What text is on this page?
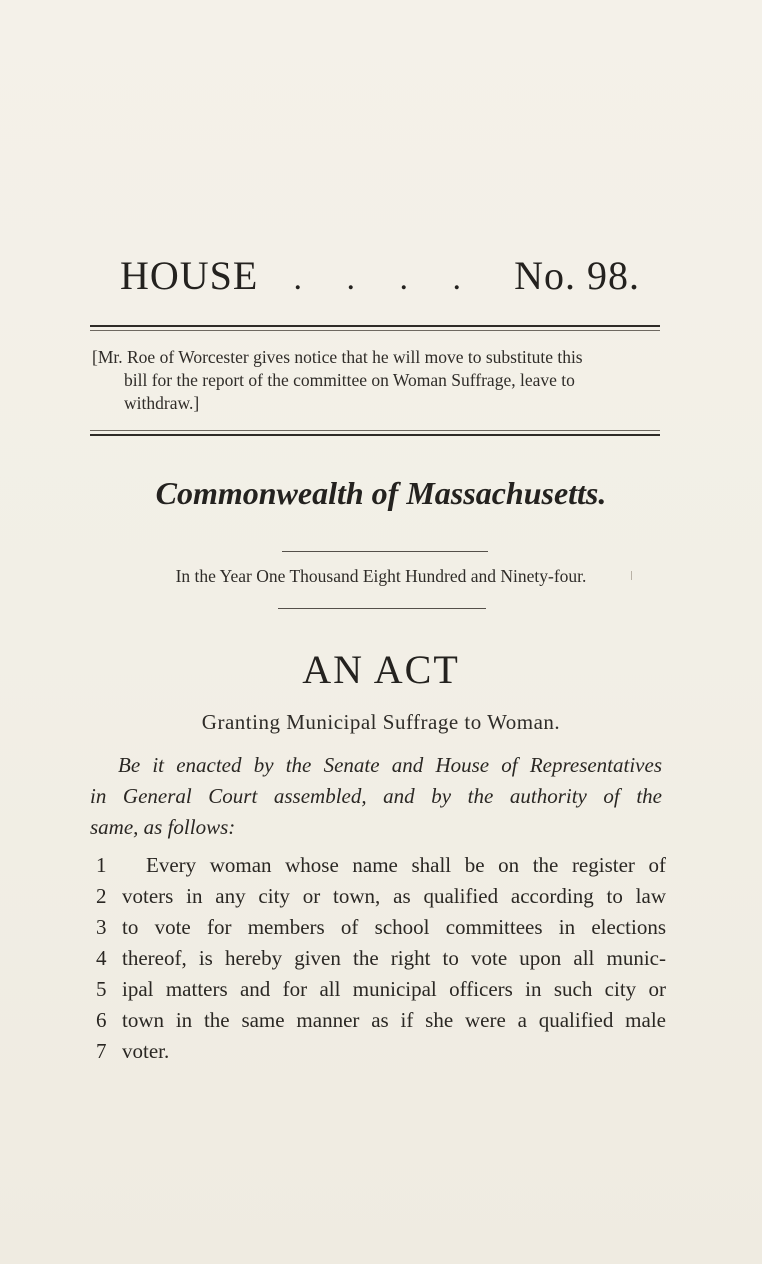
HOUSE . . . . No. 98.
[Mr. Roe of Worcester gives notice that he will move to substitute this
bill for the report of the committee on Woman Suffrage, leave to
withdraw.]
Commonwealth of Massachusetts.
In the Year One Thousand Eight Hundred and Ninety-four.
AN ACT
Granting Municipal Suffrage to Woman.
Be it enacted by the Senate and House of Representatives
in General Court assembled, and by the authority of the
same, as follows:
1	Every woman whose name shall be on the register of
2 voters in any city or town, as qualified according to law
3 to vote for members of school committees in elections
4 thereof, is hereby given the right to vote upon all munic-
5 ipal matters and for all municipal officers in such city or
6 town in the same manner as if she were a qualified male
7 voter.
